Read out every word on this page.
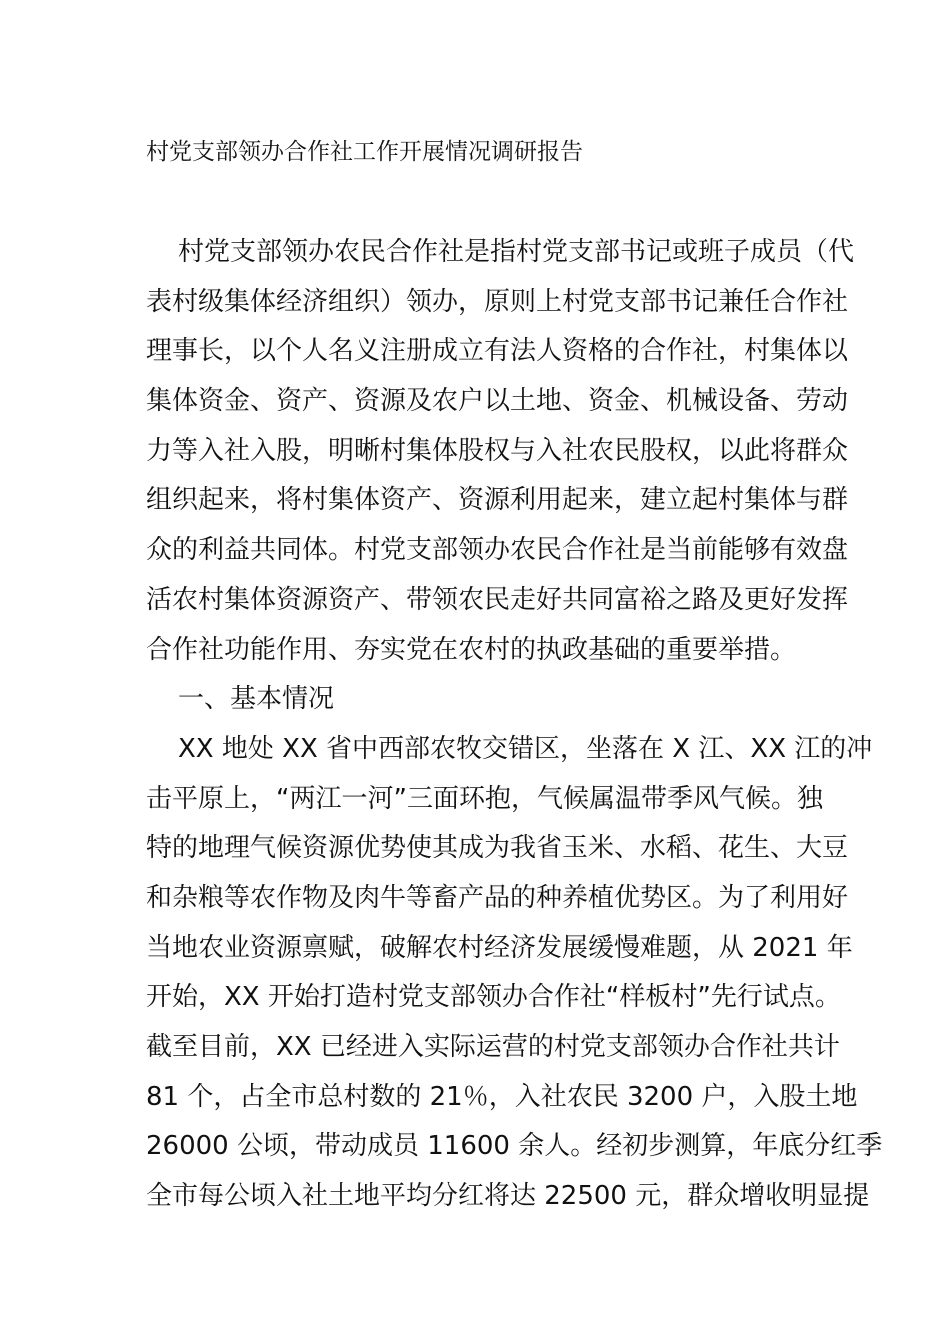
村党支部领办合作社工作开展情况调研报告
村党支部领办农民合作社是指村党支部书记或班子成员（代
表村级集体经济组织）领办，原则上村党支部书记兼任合作社
理事长，以个人名义注册成立有法人资格的合作社，村集体以
集体资金、资产、资源及农户以土地、资金、机械设备、劳动
力等入社入股，明晰村集体股权与入社农民股权，以此将群众
组织起来，将村集体资产、资源利用起来，建立起村集体与群
众的利益共同体。村党支部领办农民合作社是当前能够有效盘
活农村集体资源资产、带领农民走好共同富裕之路及更好发挥
合作社功能作用、夯实党在农村的执政基础的重要举措。
一、基本情况
XX 地处 XX 省中西部农牧交错区，坐落在 X 江、XX 江的冲
击平原上，“两江一河”三面环抱，气候属温带季风气候。独
特的地理气候资源优势使其成为我省玉米、水稻、花生、大豆
和杂粮等农作物及肉牛等畜产品的种养植优势区。为了利用好
当地农业资源禀赋，破解农村经济发展缓慢难题，从 2021 年
开始，XX 开始打造村党支部领办合作社“样板村”先行试点。
截至目前，XX 已经进入实际运营的村党支部领办合作社共计
81 个，占全市总村数的 21％，入社农民 3200 户，入股土地
26000 公顷，带动成员 11600 余人。经初步测算，年底分红季
全市每公顷入社土地平均分红将达 22500 元，群众增收明显提
